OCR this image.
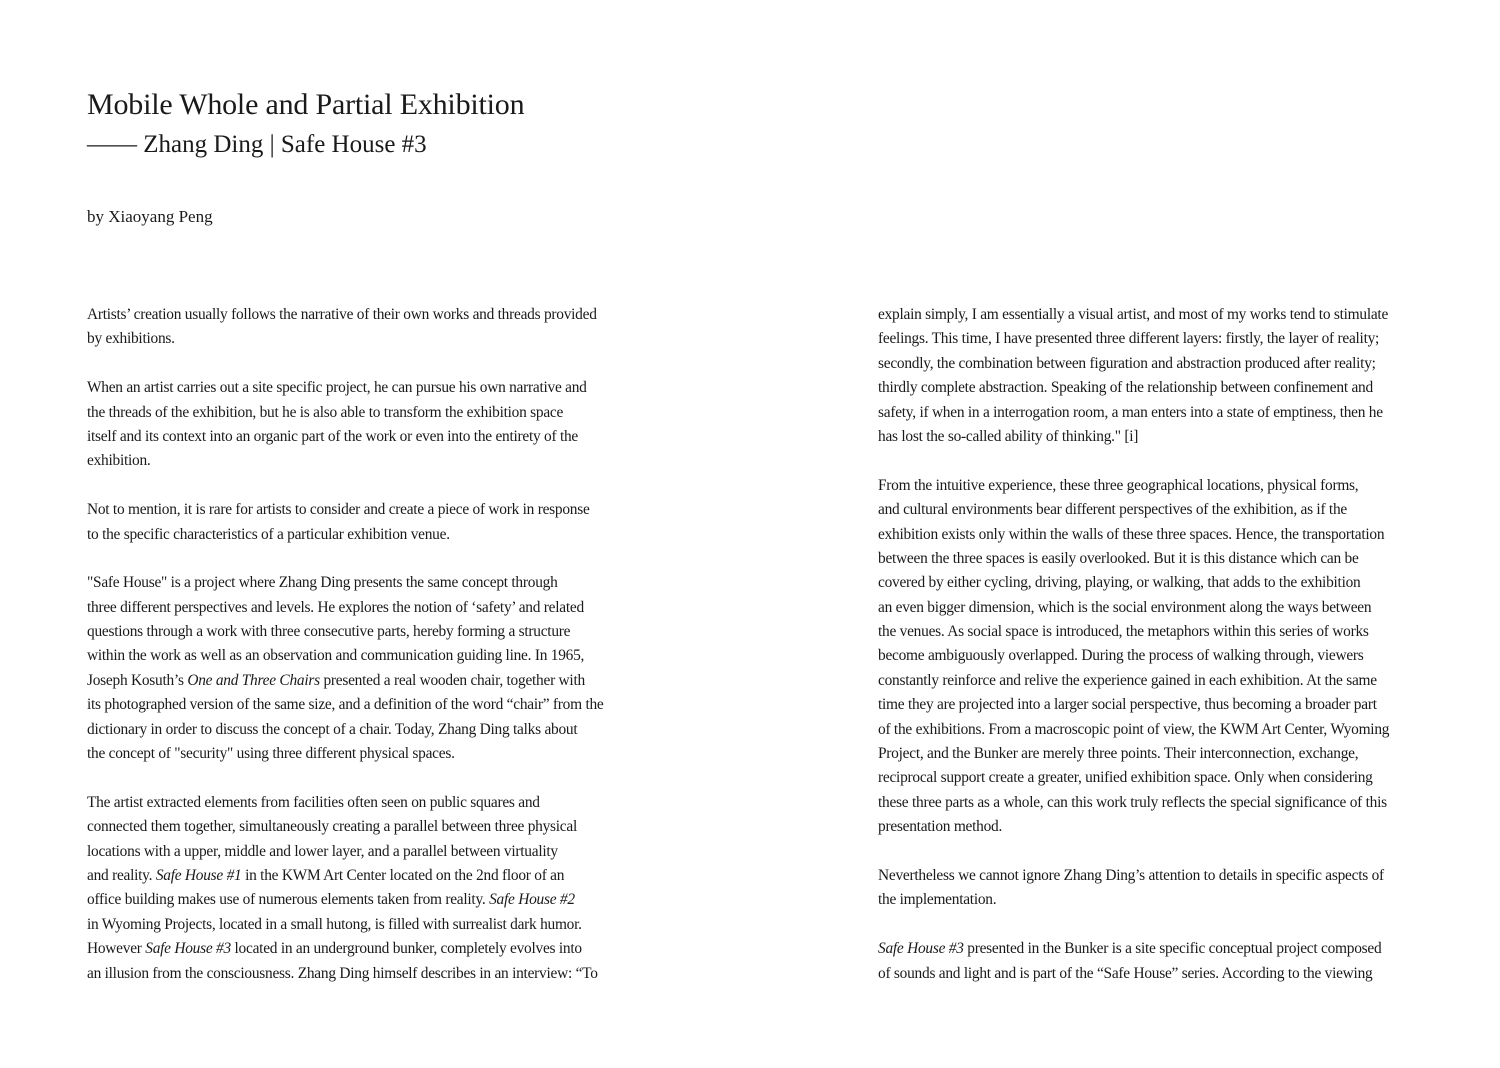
Mobile Whole and Partial Exhibition
—— Zhang Ding | Safe House #3

by Xiaoyang Peng

Artists’ creation usually follows the narrative of their own works and threads provided
by exhibitions.
When an artist carries out a site specific project, he can pursue his own narrative and
the threads of the exhibition, but he is also able to transform the exhibition space
itself and its context into an organic part of the work or even into the entirety of the
exhibition.
Not to mention, it is rare for artists to consider and create a piece of work in response
to the specific characteristics of a particular exhibition venue.
"Safe House" is a project where Zhang Ding presents the same concept through
three different perspectives and levels. He explores the notion of ‘safety’ and related
questions through a work with three consecutive parts, hereby forming a structure
within the work as well as an observation and communication guiding line. In 1965,
Joseph Kosuth’s One and Three Chairs presented a real wooden chair, together with
its photographed version of the same size, and a definition of the word “chair” from the
dictionary in order to discuss the concept of a chair. Today, Zhang Ding talks about
the concept of "security" using three different physical spaces.
The artist extracted elements from facilities often seen on public squares and
connected them together, simultaneously creating a parallel between three physical
locations with a upper, middle and lower layer, and a parallel between virtuality
and reality. Safe House #1 in the KWM Art Center located on the 2nd floor of an
office building makes use of numerous elements taken from reality. Safe House #2
in Wyoming Projects, located in a small hutong, is filled with surrealist dark humor.
However Safe House #3 located in an underground bunker, completely evolves into
an illusion from the consciousness. Zhang Ding himself describes in an interview: “To
explain simply, I am essentially a visual artist, and most of my works tend to stimulate
feelings. This time, I have presented three different layers: firstly, the layer of reality;
secondly, the combination between figuration and abstraction produced after reality;
thirdly complete abstraction. Speaking of the relationship between confinement and
safety, if when in a interrogation room, a man enters into a state of emptiness, then he
has lost the so-called ability of thinking." [i]
From the intuitive experience, these three geographical locations, physical forms,
and cultural environments bear different perspectives of the exhibition, as if the
exhibition exists only within the walls of these three spaces. Hence, the transportation
between the three spaces is easily overlooked. But it is this distance which can be
covered by either cycling, driving, playing, or walking, that adds to the exhibition
an even bigger dimension, which is the social environment along the ways between
the venues. As social space is introduced, the metaphors within this series of works
become ambiguously overlapped. During the process of walking through, viewers
constantly reinforce and relive the experience gained in each exhibition. At the same
time they are projected into a larger social perspective, thus becoming a broader part
of the exhibitions. From a macroscopic point of view, the KWM Art Center, Wyoming
Project, and the Bunker are merely three points. Their interconnection, exchange,
reciprocal support create a greater, unified exhibition space. Only when considering
these three parts as a whole, can this work truly reflects the special significance of this
presentation method.
Nevertheless we cannot ignore Zhang Ding’s attention to details in specific aspects of
the implementation.
Safe House #3 presented in the Bunker is a site specific conceptual project composed
of sounds and light and is part of the “Safe House” series. According to the viewing
